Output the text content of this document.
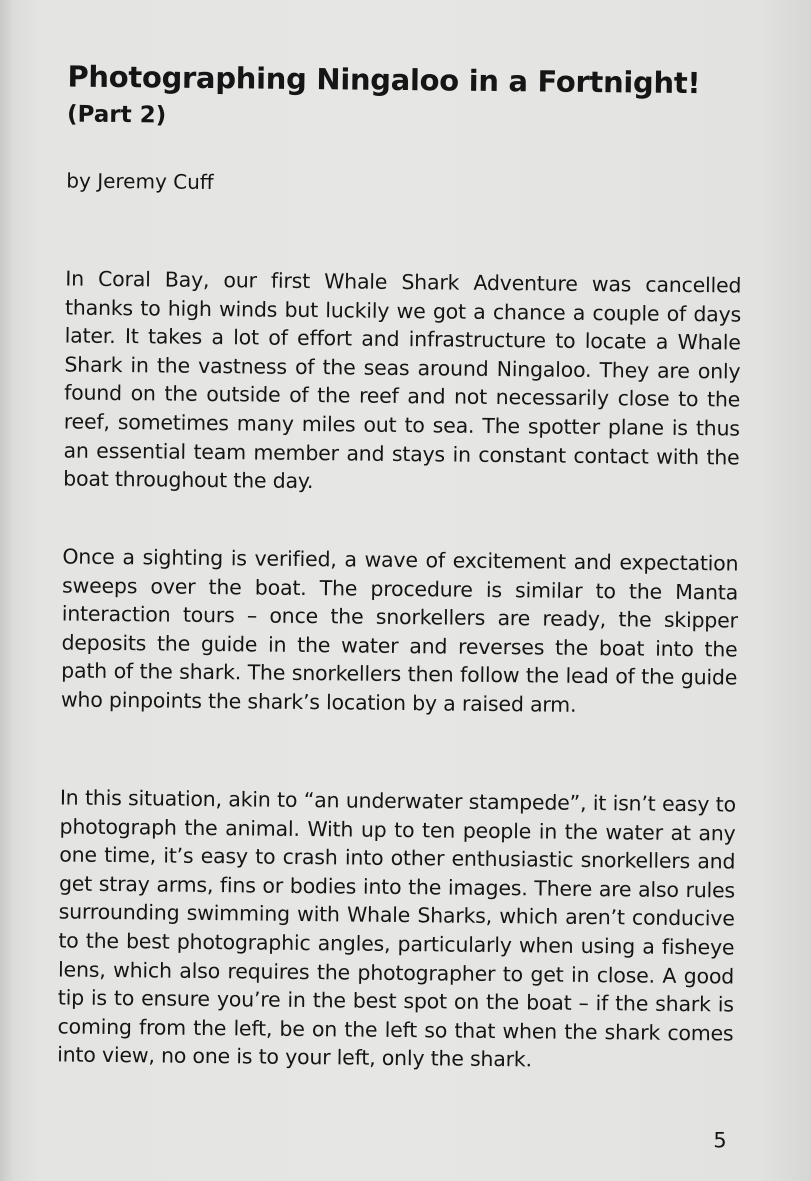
Photographing Ningaloo in a Fortnight!
(Part 2)
by Jeremy Cuff

In Coral Bay, our first Whale Shark Adventure was cancelled thanks to high winds but luckily we got a chance a couple of days later. It takes a lot of effort and infrastructure to locate a Whale Shark in the vastness of the seas around Ningaloo. They are only found on the outside of the reef and not necessarily close to the reef, sometimes many miles out to sea. The spotter plane is thus an essential team member and stays in constant contact with the boat throughout the day.

Once a sighting is verified, a wave of excitement and expectation sweeps over the boat. The procedure is similar to the Manta interaction tours – once the snorkellers are ready, the skipper deposits the guide in the water and reverses the boat into the path of the shark. The snorkellers then follow the lead of the guide who pinpoints the shark’s location by a raised arm.

In this situation, akin to “an underwater stampede”, it isn’t easy to photograph the animal. With up to ten people in the water at any one time, it’s easy to crash into other enthusiastic snorkellers and get stray arms, fins or bodies into the images. There are also rules surrounding swimming with Whale Sharks, which aren’t conducive to the best photographic angles, particularly when using a fisheye lens, which also requires the photographer to get in close. A good tip is to ensure you’re in the best spot on the boat – if the shark is coming from the left, be on the left so that when the shark comes into view, no one is to your left, only the shark.

5
